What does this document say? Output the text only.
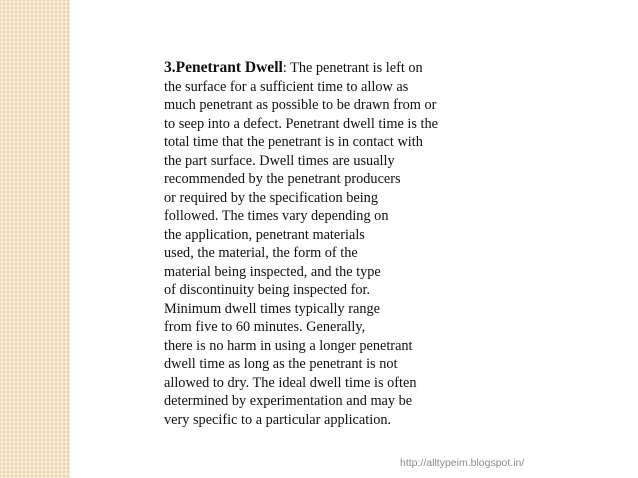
3.Penetrant Dwell: The penetrant is left on
the surface for a sufficient time to allow as
much penetrant as possible to be drawn from or
to seep into a defect. Penetrant dwell time is the
total time that the penetrant is in contact with
the part surface. Dwell times are usually
recommended by the penetrant producers
or required by the specification being
followed. The times vary depending on
the application, penetrant materials
used, the material, the form of the
material being inspected, and the type
of discontinuity being inspected for.
Minimum dwell times typically range
from five to 60 minutes. Generally,
there is no harm in using a longer penetrant
dwell time as long as the penetrant is not
allowed to dry. The ideal dwell time is often
determined by experimentation and may be
very specific to a particular application.
http://alltypeim.blogspot.in/
